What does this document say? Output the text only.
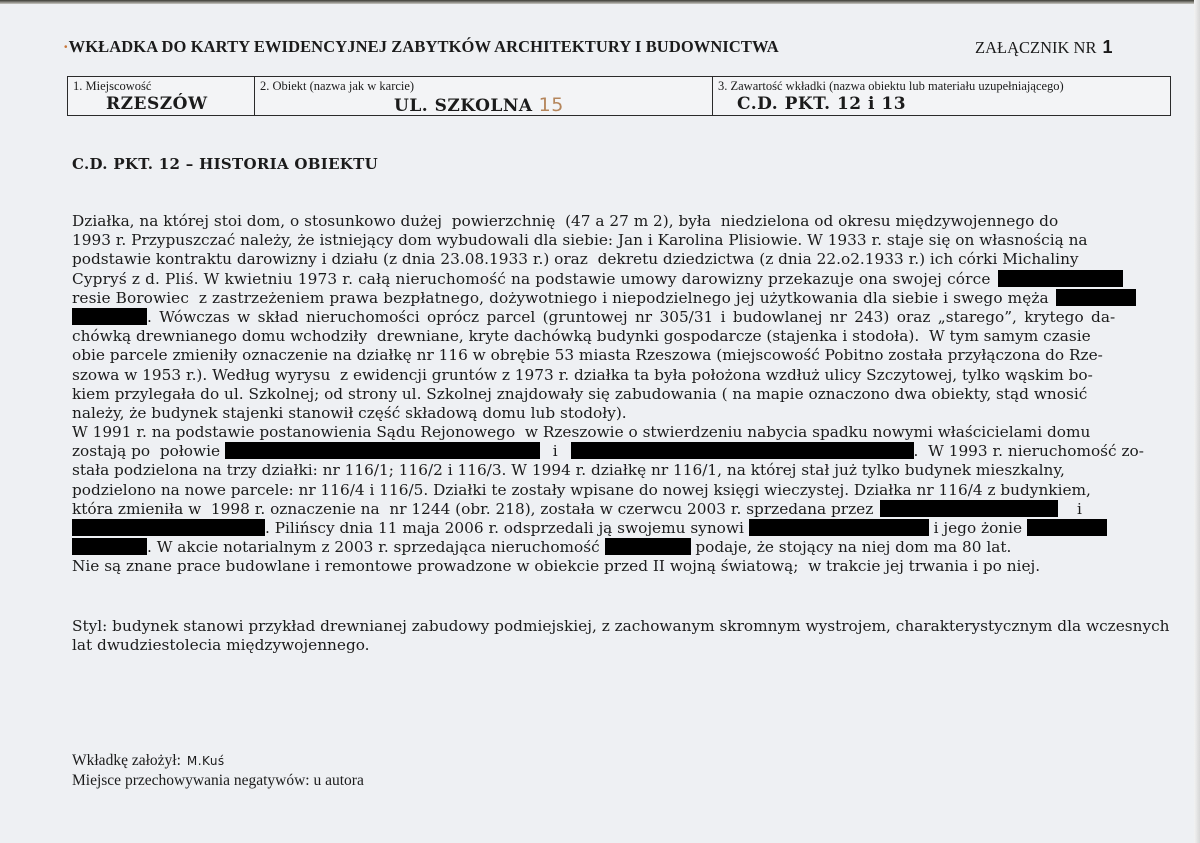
·WKŁADKA DO KARTY EWIDENCYJNEJ ZABYTKÓW ARCHITEKTURY I BUDOWNICTWA	ZAŁĄCZNIK NR 1
1. Miejscowość
RZESZÓW
2. Obiekt (nazwa jak w karcie)
UL. SZKOLNA 15
3. Zawartość wkładki (nazwa obiektu lub materiału uzupełniającego)
C.D. PKT. 12 i 13
C.D. PKT. 12 – HISTORIA OBIEKTU
Działka, na której stoi dom, o stosunkowo dużej  powierzchnię  (47 a 27 m 2), była  niedzielona od okresu międzywojennego do
1993 r. Przypuszczać należy, że istniejący dom wybudowali dla siebie: Jan i Karolina Plisiowie. W 1933 r. staje się on własnością na
podstawie kontraktu darowizny i działu (z dnia 23.08.1933 r.) oraz  dekretu dziedzictwa (z dnia 22.o2.1933 r.) ich córki Michaliny
Cypryś z d. Pliś. W kwietniu 1973 r. całą nieruchomość na podstawie umowy darowizny przekazuje ona swojej córce
resie Borowiec  z zastrzeżeniem prawa bezpłatnego, dożywotniego i niepodzielnego jej użytkowania dla siebie i swego męża
. Wówczas w skład nieruchomości oprócz parcel (gruntowej nr 305/31 i budowlanej nr 243) oraz „starego”, krytego da-
chówką drewnianego domu wchodziły  drewniane, kryte dachówką budynki gospodarcze (stajenka i stodoła).  W tym samym czasie
obie parcele zmieniły oznaczenie na działkę nr 116 w obrębie 53 miasta Rzeszowa (miejscowość Pobitno została przyłączona do Rze-
szowa w 1953 r.). Według wyrysu  z ewidencji gruntów z 1973 r. działka ta była położona wzdłuż ulicy Szczytowej, tylko wąskim bo-
kiem przylegała do ul. Szkolnej; od strony ul. Szkolnej znajdowały się zabudowania ( na mapie oznaczono dwa obiekty, stąd wnosić
należy, że budynek stajenki stanowił część składową domu lub stodoły).
W 1991 r. na podstawie postanowienia Sądu Rejonowego  w Rzeszowie o stwierdzeniu nabycia spadku nowymi właścicielami domu
zostają po  połowie	i	.  W 1993 r. nieruchomość zo-
stała podzielona na trzy działki: nr 116/1; 116/2 i 116/3. W 1994 r. działkę nr 116/1, na której stał już tylko budynek mieszkalny,
podzielono na nowe parcele: nr 116/4 i 116/5. Działki te zostały wpisane do nowej księgi wieczystej. Działka nr 116/4 z budynkiem,
która zmieniła w  1998 r. oznaczenie na  nr 1244 (obr. 218), została w czerwcu 2003 r. sprzedana przez	i
. Pilińscy dnia 11 maja 2006 r. odsprzedali ją swojemu synowi	i jego żonie
. W akcie notarialnym z 2003 r. sprzedająca nieruchomość	podaje, że stojący na niej dom ma 80 lat.
Nie są znane prace budowlane i remontowe prowadzone w obiekcie przed II wojną światową;  w trakcie jej trwania i po niej.
Styl: budynek stanowi przykład drewnianej zabudowy podmiejskiej, z zachowanym skromnym wystrojem, charakterystycznym dla wczesnych lat dwudziestolecia międzywojennego.
Wkładkę założył: M.Kuś
Miejsce przechowywania negatywów: u autora
